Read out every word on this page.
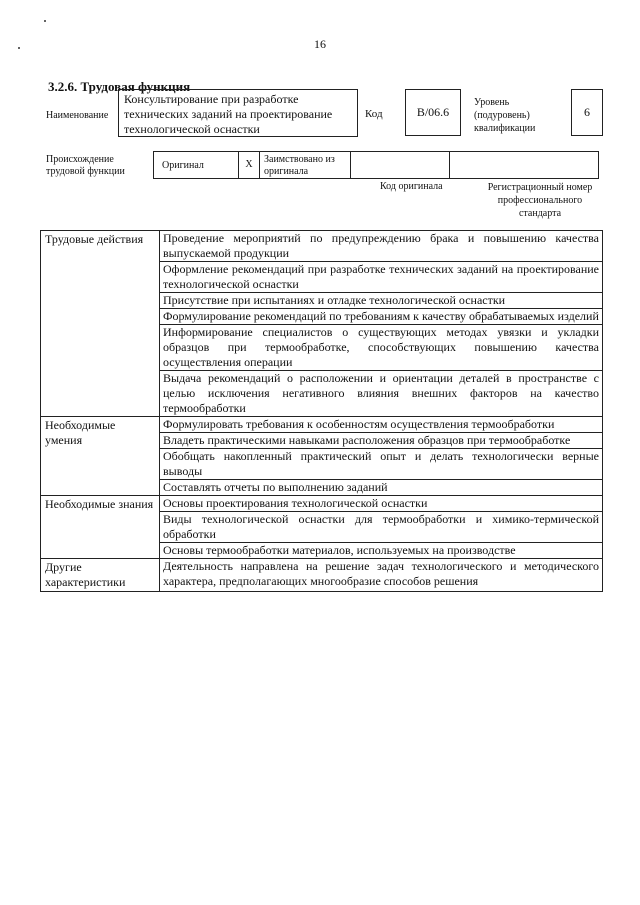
16
3.2.6. Трудовая функция
Наименование
Консультирование при разработке технических заданий на проектирование технологической оснастки
Код	B/06.6
Уровень (подуровень) квалификации
6
Происхождение трудовой функции
Оригинал	X	Заимствовано из оригинала
Код оригинала	Регистрационный номер профессионального стандарта
Трудовые действия	Проведение мероприятий по предупреждению брака и повышению качества выпускаемой продукции
	Оформление рекомендаций при разработке технических заданий на проектирование технологической оснастки
	Присутствие при испытаниях и отладке технологической оснастки
	Формулирование рекомендаций по требованиям к качеству обрабатываемых изделий
	Информирование специалистов о существующих методах увязки и укладки образцов при термообработке, способствующих повышению качества осуществления операции
	Выдача рекомендаций о расположении и ориентации деталей в пространстве с целью исключения негативного влияния внешних факторов на качество термообработки
Необходимые умения	Формулировать требования к особенностям осуществления термообработки
	Владеть практическими навыками расположения образцов при термообработке
	Обобщать накопленный практический опыт и делать технологически верные выводы
	Составлять отчеты по выполнению заданий
Необходимые знания	Основы проектирования технологической оснастки
	Виды технологической оснастки для термообработки и химико-термической обработки
	Основы термообработки материалов, используемых на производстве
Другие характеристики	Деятельность направлена на решение задач технологического и методического характера, предполагающих многообразие способов решения
